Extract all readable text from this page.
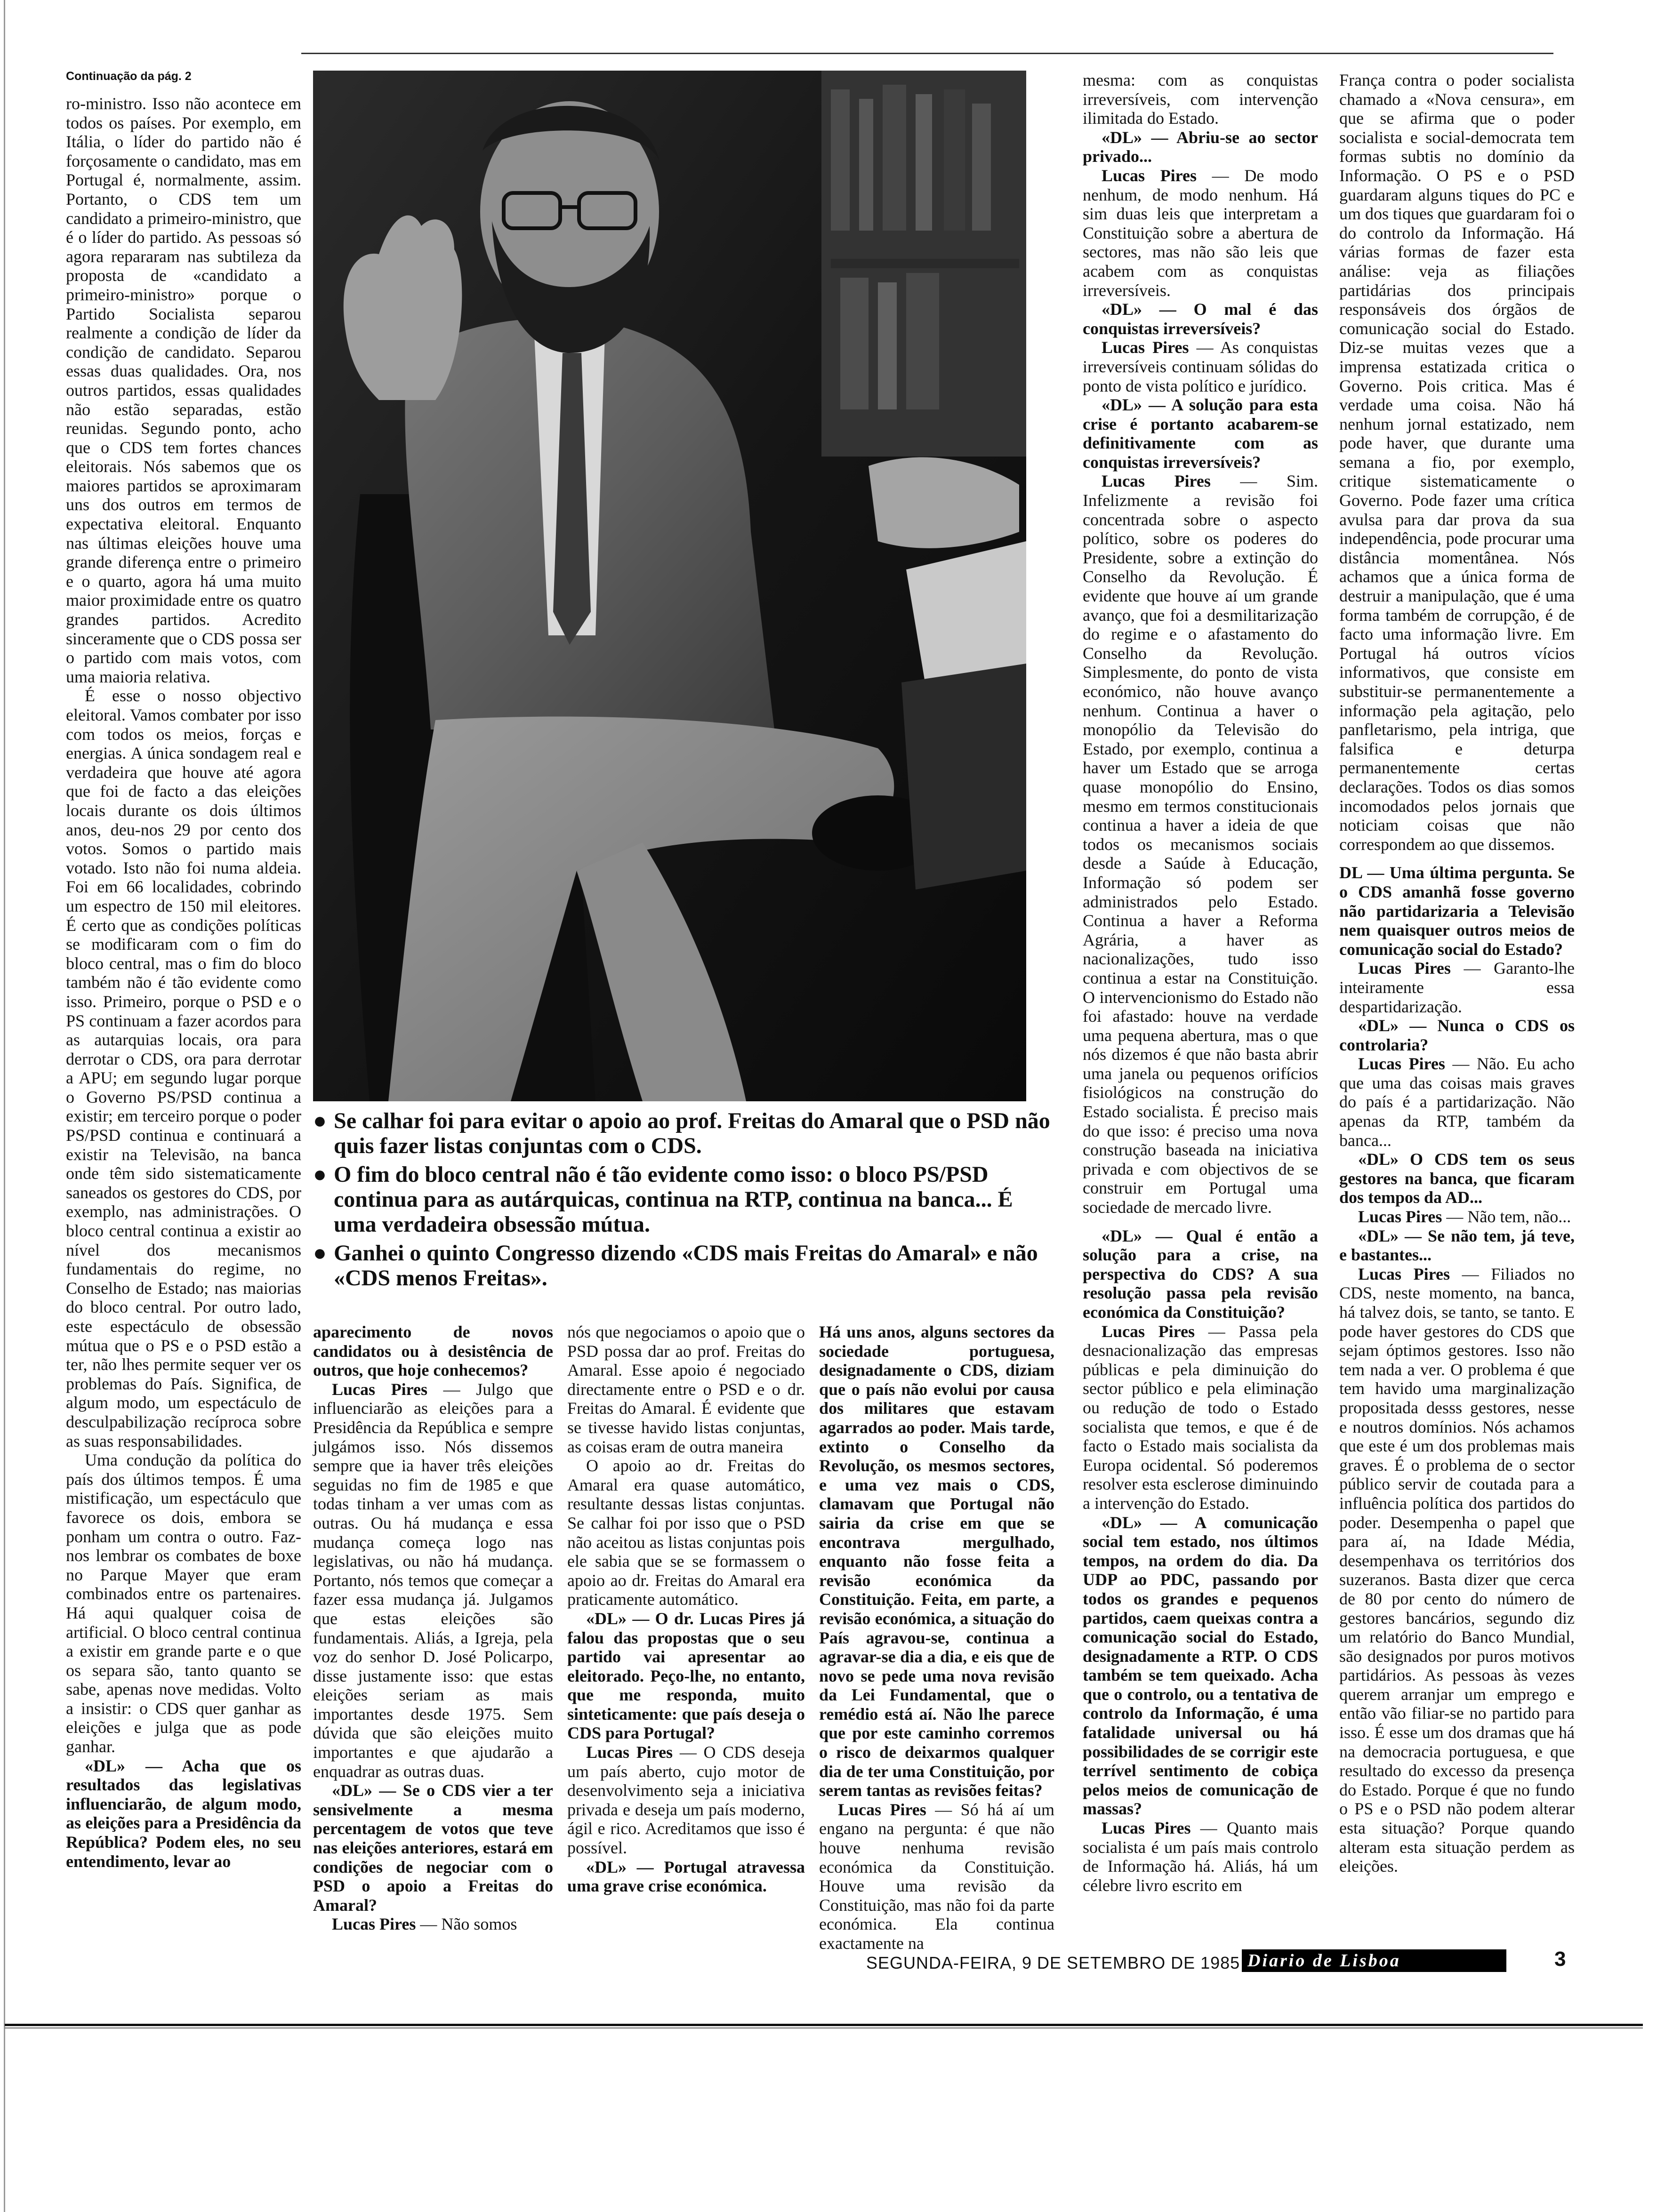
Continuação da pág. 2

ro-ministro. Isso não acontece em todos os países. Por exemplo, em Itália, o líder do partido não é forçosamente o candidato, mas em Portugal é, normalmente, assim. Portanto, o CDS tem um candidato a primeiro-ministro, que é o líder do partido. As pessoas só agora repararam nas subtileza da proposta de «candidato a primeiro-ministro» porque o Partido Socialista separou realmente a condição de líder da condição de candidato. Separou essas duas qualidades. Ora, nos outros partidos, essas qualidades não estão separadas, estão reunidas. Segundo ponto, acho que o CDS tem fortes chances eleitorais. Nós sabemos que os maiores partidos se aproximaram uns dos outros em termos de expectativa eleitoral. Enquanto nas últimas eleições houve uma grande diferença entre o primeiro e o quarto, agora há uma muito maior proximidade entre os quatro grandes partidos. Acredito sinceramente que o CDS possa ser o partido com mais votos, com uma maioria relativa.

É esse o nosso objectivo eleitoral. Vamos combater por isso com todos os meios, forças e energias. A única sondagem real e verdadeira que houve até agora que foi de facto a das eleições locais durante os dois últimos anos, deu-nos 29 por cento dos votos. Somos o partido mais votado. Isto não foi numa aldeia. Foi em 66 localidades, cobrindo um espectro de 150 mil eleitores. É certo que as condições políticas se modificaram com o fim do bloco central, mas o fim do bloco também não é tão evidente como isso. Primeiro, porque o PSD e o PS continuam a fazer acordos para as autarquias locais, ora para derrotar o CDS, ora para derrotar a APU; em segundo lugar porque o Governo PS/PSD continua a existir; em terceiro porque o poder PS/PSD continua e continuará a existir na Televisão, na banca onde têm sido sistematicamente saneados os gestores do CDS, por exemplo, nas administrações. O bloco central continua a existir ao nível dos mecanismos fundamentais do regime, no Conselho de Estado; nas maiorias do bloco central. Por outro lado, este espectáculo de obsessão mútua que o PS e o PSD estão a ter, não lhes permite sequer ver os problemas do País. Significa, de algum modo, um espectáculo de desculpabilização recíproca sobre as suas responsabilidades.

Uma condução da política do país dos últimos tempos. É uma mistificação, um espectáculo que favorece os dois, embora se ponham um contra o outro. Faz-nos lembrar os combates de boxe no Parque Mayer que eram combinados entre os partenaires. Há aqui qualquer coisa de artificial. O bloco central continua a existir em grande parte e o que os separa são, tanto quanto se sabe, apenas nove medidas. Volto a insistir: o CDS quer ganhar as eleições e julga que as pode ganhar.

«DL» — Acha que os resultados das legislativas influenciarão, de algum modo, as eleições para a Presidência da República? Podem eles, no seu entendimento, levar ao

● Se calhar foi para evitar o apoio ao prof. Freitas do Amaral que o PSD não quis fazer listas conjuntas com o CDS.
● O fim do bloco central não é tão evidente como isso: o bloco PS/PSD continua para as autárquicas, continua na RTP, continua na banca... É uma verdadeira obsessão mútua.
● Ganhei o quinto Congresso dizendo «CDS mais Freitas do Amaral» e não «CDS menos Freitas».

aparecimento de novos candidatos ou à desistência de outros, que hoje conhecemos?

Lucas Pires — Julgo que influenciarão as eleições para a Presidência da República e sempre julgámos isso. Nós dissemos sempre que ia haver três eleições seguidas no fim de 1985 e que todas tinham a ver umas com as outras. Ou há mudança e essa mudança começa logo nas legislativas, ou não há mudança. Portanto, nós temos que começar a fazer essa mudança já. Julgamos que estas eleições são fundamentais. Aliás, a Igreja, pela voz do senhor D. José Policarpo, disse justamente isso: que estas eleições seriam as mais importantes desde 1975. Sem dúvida que são eleições muito importantes e que ajudarão a enquadrar as outras duas.

«DL» — Se o CDS vier a ter sensivelmente a mesma percentagem de votos que teve nas eleições anteriores, estará em condições de negociar com o PSD o apoio a Freitas do Amaral?

Lucas Pires — Não somos

nós que negociamos o apoio que o PSD possa dar ao prof. Freitas do Amaral. Esse apoio é negociado directamente entre o PSD e o dr. Freitas do Amaral. É evidente que se tivesse havido listas conjuntas, as coisas eram de outra maneira

O apoio ao dr. Freitas do Amaral era quase automático, resultante dessas listas conjuntas. Se calhar foi por isso que o PSD não aceitou as listas conjuntas pois ele sabia que se se formassem o apoio ao dr. Freitas do Amaral era praticamente automático.

«DL» — O dr. Lucas Pires já falou das propostas que o seu partido vai apresentar ao eleitorado. Peço-lhe, no entanto, que me responda, muito sinteticamente: que país deseja o CDS para Portugal?

Lucas Pires — O CDS deseja um país aberto, cujo motor de desenvolvimento seja a iniciativa privada e deseja um país moderno, ágil e rico. Acreditamos que isso é possível.

«DL» — Portugal atravessa uma grave crise económica.

Há uns anos, alguns sectores da sociedade portuguesa, designadamente o CDS, diziam que o país não evolui por causa dos militares que estavam agarrados ao poder. Mais tarde, extinto o Conselho da Revolução, os mesmos sectores, e uma vez mais o CDS, clamavam que Portugal não sairia da crise em que se encontrava mergulhado, enquanto não fosse feita a revisão económica da Constituição. Feita, em parte, a revisão económica, a situação do País agravou-se, continua a agravar-se dia a dia, e eis que de novo se pede uma nova revisão da Lei Fundamental, que o remédio está aí. Não lhe parece que por este caminho corremos o risco de deixarmos qualquer dia de ter uma Constituição, por serem tantas as revisões feitas?

Lucas Pires — Só há aí um engano na pergunta: é que não houve nenhuma revisão económica da Constituição. Houve uma revisão da Constituição, mas não foi da parte económica. Ela continua exactamente na

mesma: com as conquistas irreversíveis, com intervenção ilimitada do Estado.

«DL» — Abriu-se ao sector privado...

Lucas Pires — De modo nenhum, de modo nenhum. Há sim duas leis que interpretam a Constituição sobre a abertura de sectores, mas não são leis que acabem com as conquistas irreversíveis.

«DL» — O mal é das conquistas irreversíveis?

Lucas Pires — As conquistas irreversíveis continuam sólidas do ponto de vista político e jurídico.

«DL» — A solução para esta crise é portanto acabarem-se definitivamente com as conquistas irreversíveis?

Lucas Pires — Sim. Infelizmente a revisão foi concentrada sobre o aspecto político, sobre os poderes do Presidente, sobre a extinção do Conselho da Revolução. É evidente que houve aí um grande avanço, que foi a desmilitarização do regime e o afastamento do Conselho da Revolução. Simplesmente, do ponto de vista económico, não houve avanço nenhum. Continua a haver o monopólio da Televisão do Estado, por exemplo, continua a haver um Estado que se arroga quase monopólio do Ensino, mesmo em termos constitucionais continua a haver a ideia de que todos os mecanismos sociais desde a Saúde à Educação, Informação só podem ser administrados pelo Estado. Continua a haver a Reforma Agrária, a haver as nacionalizações, tudo isso continua a estar na Constituição. O intervencionismo do Estado não foi afastado: houve na verdade uma pequena abertura, mas o que nós dizemos é que não basta abrir uma janela ou pequenos orifícios fisiológicos na construção do Estado socialista. É preciso mais do que isso: é preciso uma nova construção baseada na iniciativa privada e com objectivos de se construir em Portugal uma sociedade de mercado livre.

«DL» — Qual é então a solução para a crise, na perspectiva do CDS? A sua resolução passa pela revisão económica da Constituição?

Lucas Pires — Passa pela desnacionalização das empresas públicas e pela diminuição do sector público e pela eliminação ou redução de todo o Estado socialista que temos, e que é de facto o Estado mais socialista da Europa ocidental. Só poderemos resolver esta esclerose diminuindo a intervenção do Estado.

«DL» — A comunicação social tem estado, nos últimos tempos, na ordem do dia. Da UDP ao PDC, passando por todos os grandes e pequenos partidos, caem queixas contra a comunicação social do Estado, designadamente a RTP. O CDS também se tem queixado. Acha que o controlo, ou a tentativa de controlo da Informação, é uma fatalidade universal ou há possibilidades de se corrigir este terrível sentimento de cobiça pelos meios de comunicação de massas?

Lucas Pires — Quanto mais socialista é um país mais controlo de Informação há. Aliás, há um célebre livro escrito em

França contra o poder socialista chamado a «Nova censura», em que se afirma que o poder socialista e social-democrata tem formas subtis no domínio da Informação. O PS e o PSD guardaram alguns tiques do PC e um dos tiques que guardaram foi o do controlo da Informação. Há várias formas de fazer esta análise: veja as filiações partidárias dos principais responsáveis dos órgãos de comunicação social do Estado. Diz-se muitas vezes que a imprensa estatizada critica o Governo. Pois critica. Mas é verdade uma coisa. Não há nenhum jornal estatizado, nem pode haver, que durante uma semana a fio, por exemplo, critique sistematicamente o Governo. Pode fazer uma crítica avulsa para dar prova da sua independência, pode procurar uma distância momentânea. Nós achamos que a única forma de destruir a manipulação, que é uma forma também de corrupção, é de facto uma informação livre. Em Portugal há outros vícios informativos, que consiste em substituir-se permanentemente a informação pela agitação, pelo panfletarismo, pela intriga, que falsifica e deturpa permanentemente certas declarações. Todos os dias somos incomodados pelos jornais que noticiam coisas que não correspondem ao que dissemos.

DL — Uma última pergunta. Se o CDS amanhã fosse governo não partidarizaria a Televisão nem quaisquer outros meios de comunicação social do Estado?

Lucas Pires — Garanto-lhe inteiramente essa despartidarização.

«DL» — Nunca o CDS os controlaria?

Lucas Pires — Não. Eu acho que uma das coisas mais graves do país é a partidarização. Não apenas da RTP, também da banca...

«DL» O CDS tem os seus gestores na banca, que ficaram dos tempos da AD...

Lucas Pires — Não tem, não...

«DL» — Se não tem, já teve, e bastantes...

Lucas Pires — Filiados no CDS, neste momento, na banca, há talvez dois, se tanto, se tanto. E pode haver gestores do CDS que sejam óptimos gestores. Isso não tem nada a ver. O problema é que tem havido uma marginalização propositada desss gestores, nesse e noutros domínios. Nós achamos que este é um dos problemas mais graves. É o problema de o sector público servir de coutada para a influência política dos partidos do poder. Desempenha o papel que para aí, na Idade Média, desempenhava os territórios dos suzeranos. Basta dizer que cerca de 80 por cento do número de gestores bancários, segundo diz um relatório do Banco Mundial, são designados por puros motivos partidários. As pessoas às vezes querem arranjar um emprego e então vão filiar-se no partido para isso. É esse um dos dramas que há na democracia portuguesa, e que resultado do excesso da presença do Estado. Porque é que no fundo o PS e o PSD não podem alterar esta situação? Porque quando alteram esta situação perdem as eleições.

SEGUNDA-FEIRA, 9 DE SETEMBRO DE 1985 Diario de Lisboa	3
